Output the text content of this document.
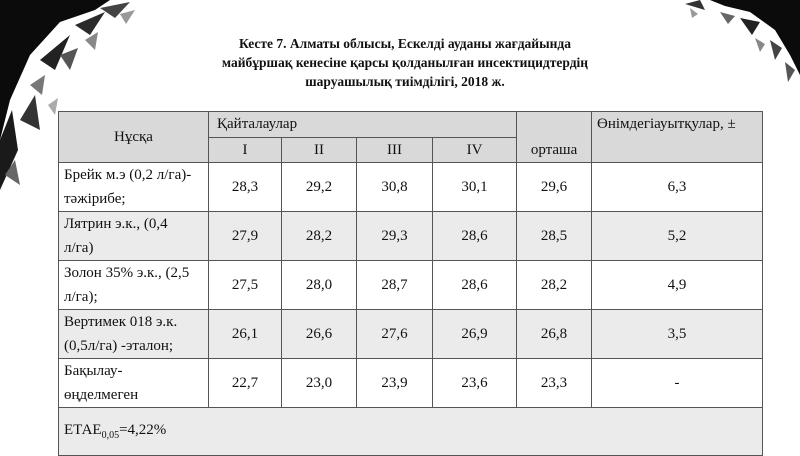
Кесте 7. Алматы облысы, Ескелді ауданы жағдайында
майбұршақ кенесіне қарсы қолданылған инсектицидтердің
шаруашылық тиімділігі, 2018 ж.
Нұсқа	Қайталаулар				орташа	Өнімдегіауытқулар, ±
	I	II	III	IV		
Брейк м.э (0,2 л/га)-
тәжірибе;	28,3	29,2	30,8	30,1	29,6	6,3
Лятрин э.к., (0,4
л/га)	27,9	28,2	29,3	28,6	28,5	5,2
Золон 35% э.к., (2,5
л/га);	27,5	28,0	28,7	28,6	28,2	4,9
Вертимек 018 э.к.
(0,5л/га) -эталон;	26,1	26,6	27,6	26,9	26,8	3,5
Бақылау-
өңделмеген	22,7	23,0	23,9	23,6	23,3	-
$ЕТАЕ_{0,05}=4,22\%$						
